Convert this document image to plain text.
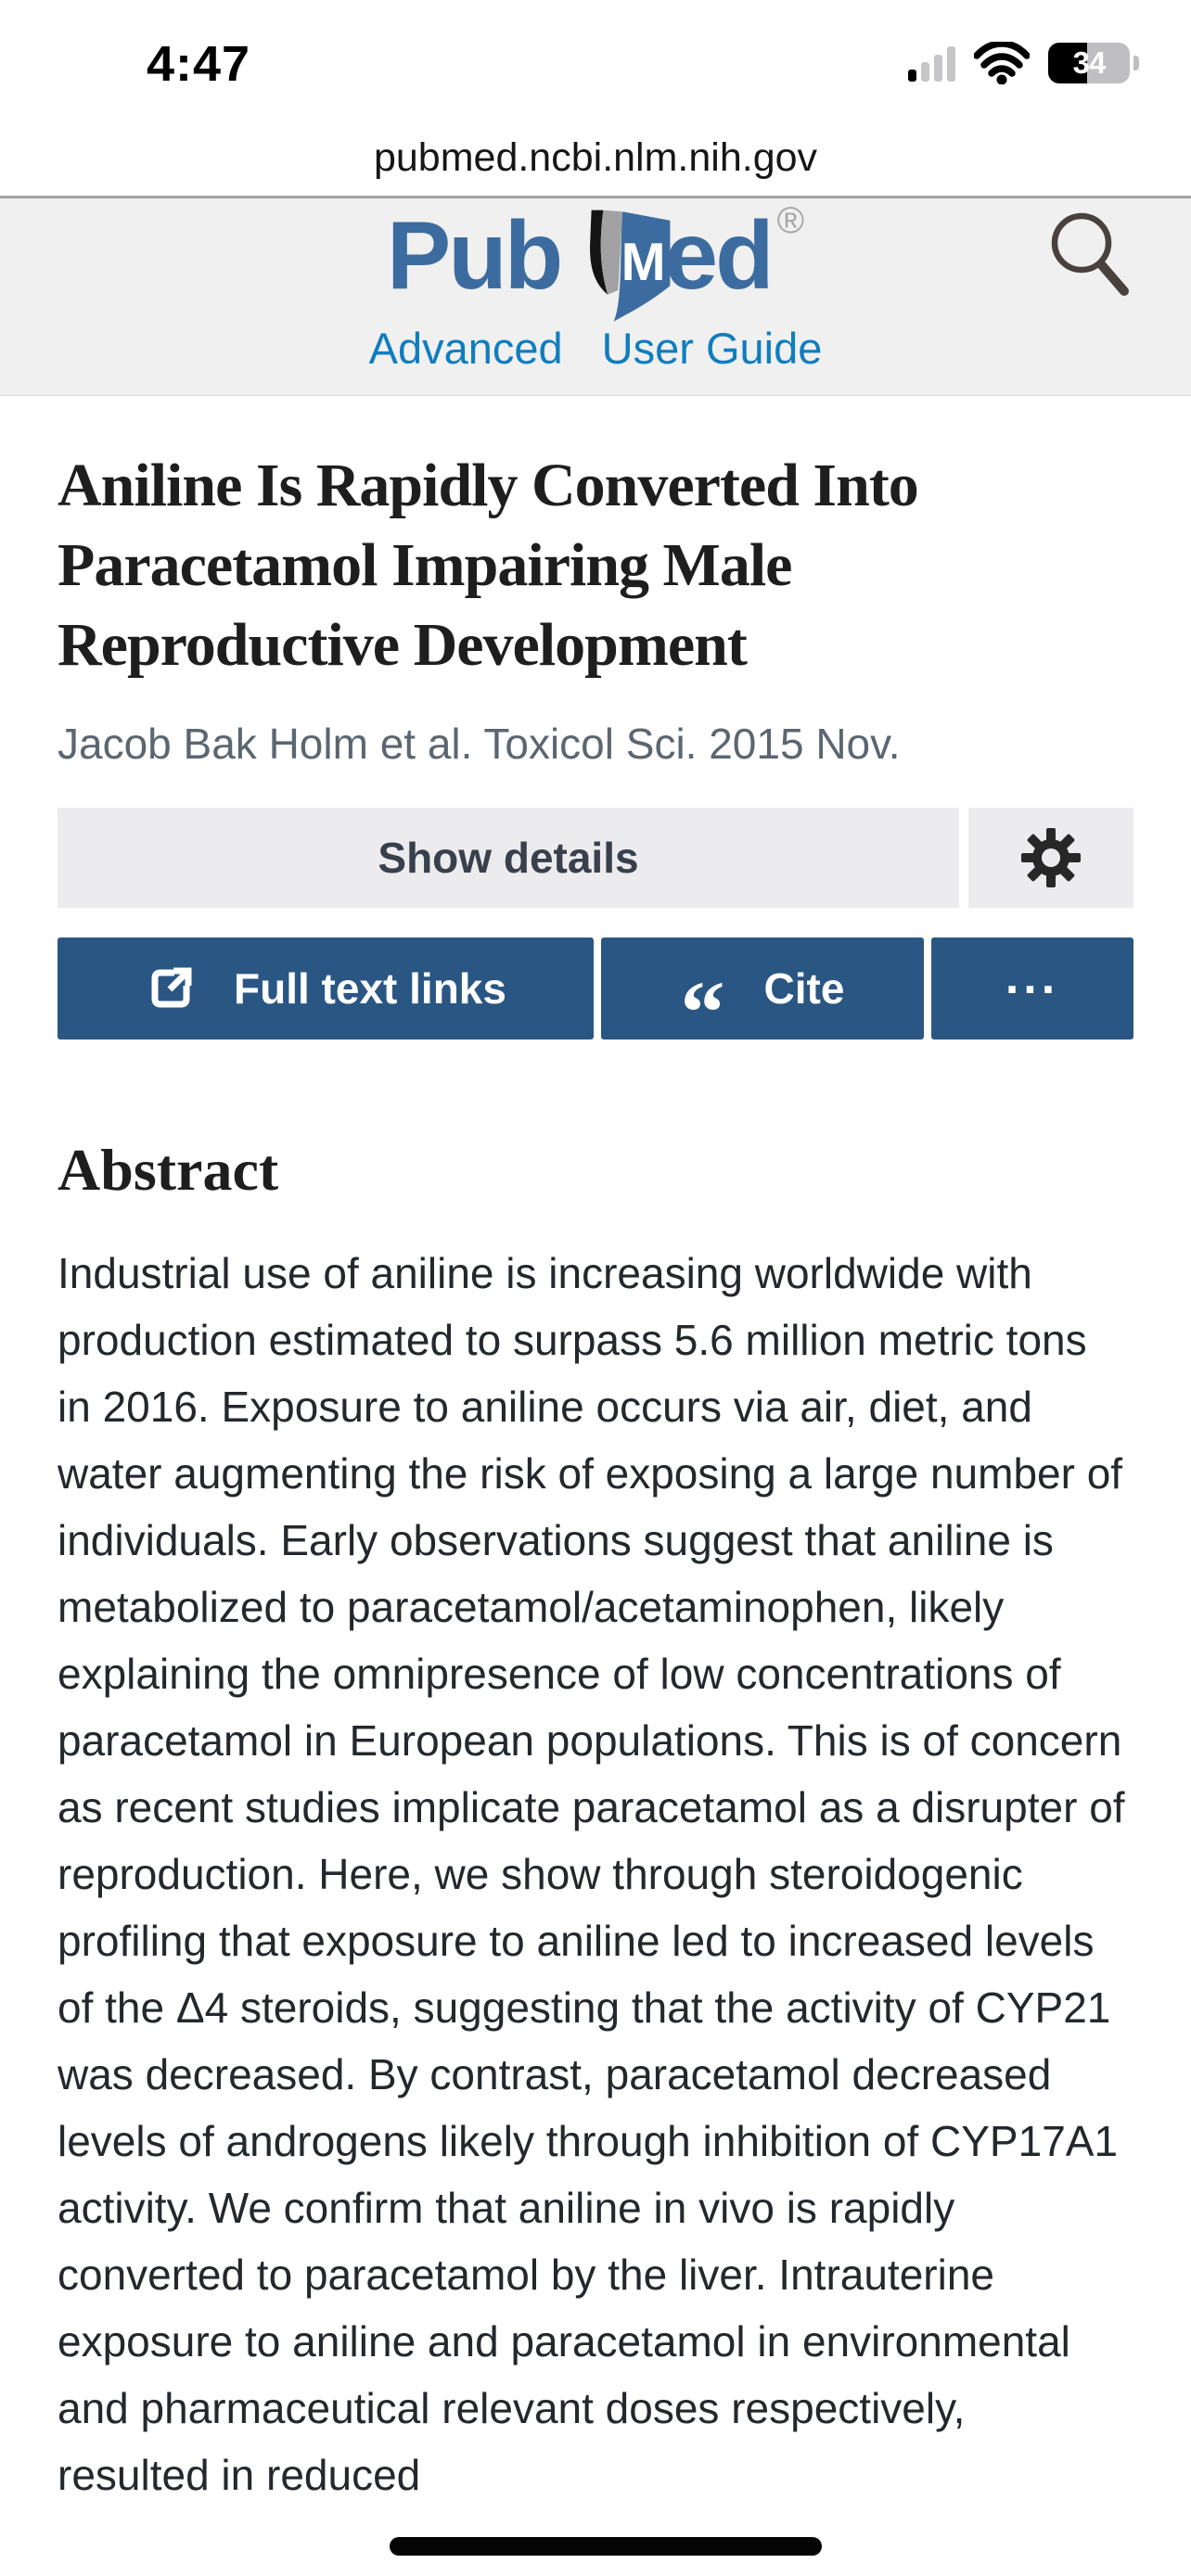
4:47	34
pubmed.ncbi.nlm.nih.gov
Pub M
ed ®
Advanced User Guide
Aniline Is Rapidly Converted Into Paracetamol Impairing Male Reproductive Development
Jacob Bak Holm et al. Toxicol Sci. 2015 Nov.
Show details
Full text links “ Cite	...
Abstract

Industrial use of aniline is increasing worldwide with production estimated to surpass 5.6 million metric tons in 2016. Exposure to aniline occurs via air, diet, and water augmenting the risk of exposing a large number of individuals. Early observations suggest that aniline is metabolized to paracetamol/acetaminophen, likely explaining the omnipresence of low concentrations of paracetamol in European populations. This is of concern as recent studies implicate paracetamol as a disrupter of reproduction. Here, we show through steroidogenic profiling that exposure to aniline led to increased levels of the Δ4 steroids, suggesting that the activity of CYP21 was decreased. By contrast, paracetamol decreased levels of androgens likely through inhibition of CYP17A1 activity. We confirm that aniline in vivo is rapidly converted to paracetamol by the liver. Intrauterine exposure to aniline and paracetamol in environmental and pharmaceutical relevant doses respectively, resulted in reduced
